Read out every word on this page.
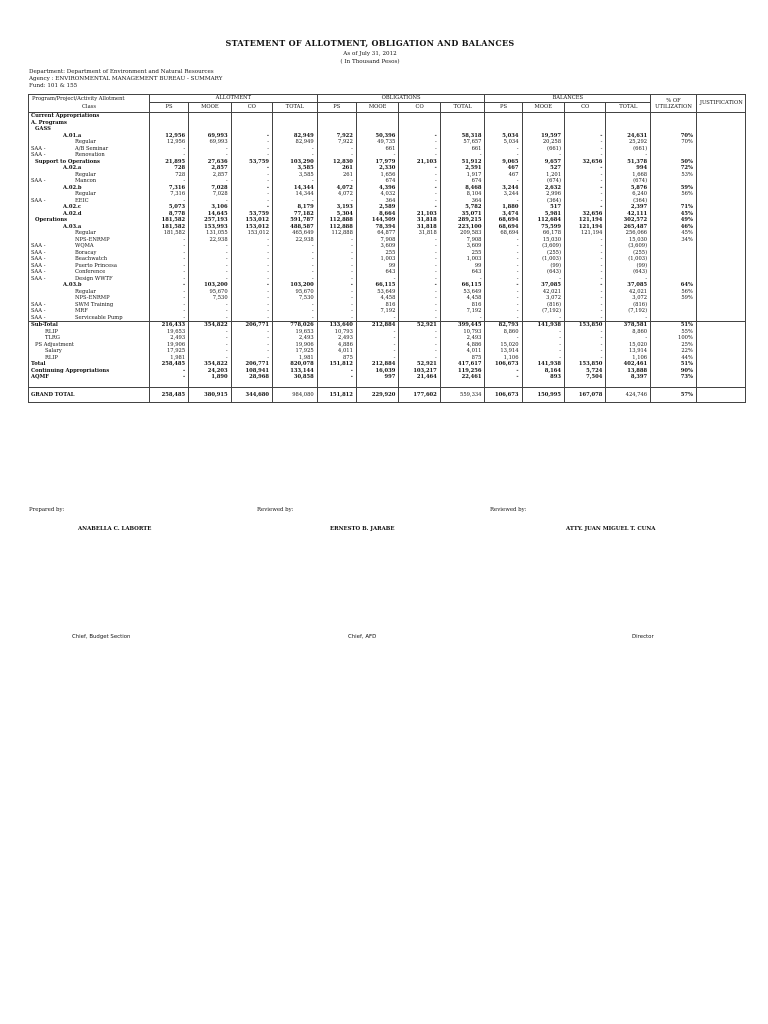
STATEMENT OF ALLOTMENT, OBLIGATION AND BALANCES
As of July 31, 2012
( In Thousand Pesos)
Department: Department of Environment and Natural Resources
Agency : ENVIRONMENTAL MANAGEMENT BUREAU - SUMMARY
Fund: 101 & 155
Program/Project/Activity Allotment	ALLOTMENT				OBLIGATIONS				BALANCES				% OF UTILIZATION	JUSTIFICATION
Class	PS	MOOE	CO	TOTAL	PS	MOOE	CO	TOTAL	PS	MOOE	CO	TOTAL		
Current Appropriations														
A. Programs														
GASS														
A.01.a	12,956	69,993	-	82,949	7,922	50,396	-	58,318	5,034	19,597	-	24,631	70%	
Regular	12,956	69,993	-	82,949	7,922	49,735	-	57,657	5,034	20,258	-	25,292	70%	
SAA - A/B Seminar	-	-	-	-	-	661	-	661	-	(661)	-	(661)		
SAA - Renovation	-	-	-	-	-	-	-	-	-	-	-	-		
Support to Operations	21,895	27,636	53,759	103,290	12,830	17,979	21,103	51,912	9,065	9,657	32,656	51,378	50%	
A.02.a	728	2,857	-	3,585	261	2,330	-	2,591	467	527	-	994	72%	
Regular	728	2,857	-	3,585	261	1,656	-	1,917	467	1,201	-	1,668	53%	
SAA - Mancon	-	-	-	-	-	674	-	674	-	(674)	-	(674)		
A.02.b	7,316	7,028	-	14,344	4,072	4,396	-	8,468	3,244	2,632	-	5,876	59%	
Regular	7,316	7,028	-	14,344	4,072	4,032	-	8,104	3,244	2,996	-	6,240	56%	
SAA - EEIC	-	-	-	-	-	364	-	364	-	(364)	-	(364)		
A.02.c	5,073	3,106	-	8,179	3,193	2,589	-	5,782	1,880	517	-	2,397	71%	
A.02.d	8,778	14,645	53,759	77,182	5,304	8,664	21,103	35,071	3,474	5,981	32,656	42,111	45%	
Operations	181,582	257,193	153,012	591,787	112,888	144,509	31,818	289,215	68,694	112,684	121,194	302,572	49%	
A.03.a	181,582	153,993	153,012	488,587	112,888	78,394	31,818	223,100	68,694	75,599	121,194	265,487	46%	
Regular	181,582	131,055	153,012	465,649	112,888	64,877	31,818	209,583	68,694	66,178	121,194	256,066	45%	
NPS-ENRMP	-	22,938	-	22,938	-	7,908	-	7,908	-	15,030	-	15,030	34%	
SAA - WQMA	-	-	-	-	-	3,609	-	3,609	-	(3,609)	-	(3,609)		
SAA - Boracay	-	-	-	-	-	255	-	255	-	(255)	-	(255)		
SAA - Beachwatch	-	-	-	-	-	1,003	-	1,003	-	(1,003)	-	(1,003)		
SAA - Puerto Princesa	-	-	-	-	-	99	-	99	-	(99)	-	(99)		
SAA - Conference	-	-	-	-	-	643	-	643	-	(643)	-	(643)		
SAA - Design WWTF	-	-	-	-	-	-	-	-	-	-	-	-		
A.03.b	-	103,200	-	103,200	-	66,115	-	66,115	-	37,085	-	37,085	64%	
Regular	-	95,670	-	95,670	-	53,649	-	53,649	-	42,021	-	42,021	56%	
NPS-ENRMP	-	7,530	-	7,530	-	4,458	-	4,458	-	3,072	-	3,072	59%	
SAA - SWM Training	-	-	-	-	-	816	-	816	-	(816)	-	(816)		
SAA - MRF	-	-	-	-	-	7,192	-	7,192	-	(7,192)	-	(7,192)		
SAA - Serviceable Pump	-	-	-	-	-	-	-	-	-	-	-	-		
Sub-Total	216,433	354,822	206,771	778,026	133,640	212,884	52,921	399,445	82,793	141,938	153,850	378,581	51%	
RLIP	19,653	-	-	19,653	10,793	-	-	10,793	8,860	-	-	8,860	55%	
TLRG	2,493	-	-	2,493	2,493	-	-	2,493	-	-	-	-	100%	
PS Adjustment	19,906	-	-	19,906	4,886	-	-	4,886	15,020	-	-	15,020	25%	
Salary	17,925	-	-	17,925	4,011	-	-	4,011	13,914	-	-	13,914	22%	
RLIP	1,981	-	-	1,981	875	-	-	875	1,106	-	-	1,106	44%	
Total	258,485	354,822	206,771	820,078	151,812	212,884	52,921	417,617	106,673	141,938	153,850	402,461	51%	
Continuing Appropriations	-	24,203	108,941	133,144	-	16,039	103,217	119,256	-	8,164	5,724	13,888	90%	
AQMF	-	1,890	28,968	30,858	-	997	21,464	22,461	-	893	7,504	8,397	73%	

GRAND TOTAL	258,485	380,915	344,680	984,080	151,812	229,920	177,602	559,334	106,673	150,995	167,078	424,746	57%	
Prepared by:	Reviewed by:	Reviewed by:
ANABELLA C. LABORTE	ERNESTO B. JARABE	ATTY. JUAN MIGUEL T. CUNA
Chief, Budget Section	Chief, AFD	Director
